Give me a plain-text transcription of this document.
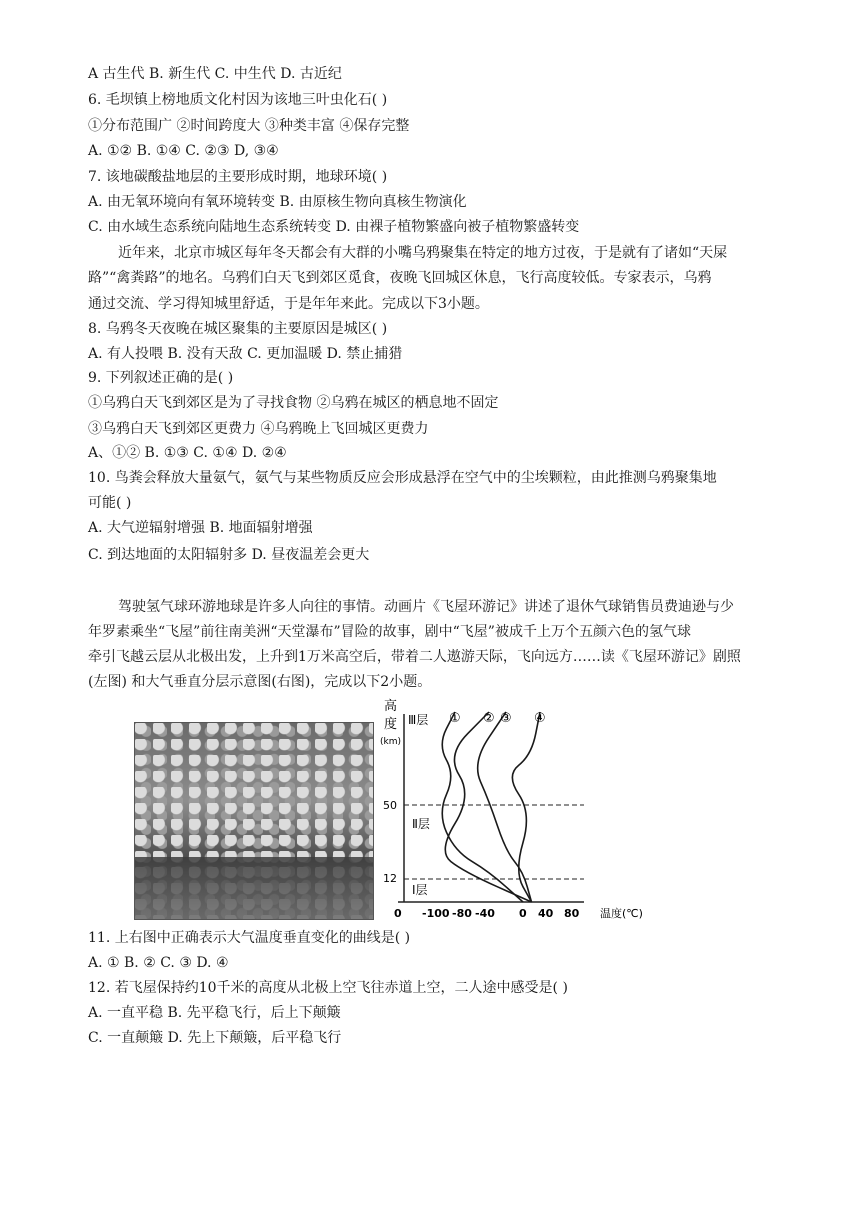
A 古生代 B. 新生代 C. 中生代 D. 古近纪
6. 毛坝镇上榜地质文化村因为该地三叶虫化石( )
①分布范围广 ②时间跨度大 ③种类丰富 ④保存完整
A. ①② B. ①④ C. ②③ D, ③④
7. 该地碳酸盐地层的主要形成时期，地球环境( )
A. 由无氧环境向有氧环境转变 B. 由原核生物向真核生物演化
C. 由水域生态系统向陆地生态系统转变 D. 由裸子植物繁盛向被子植物繁盛转变
近年来，北京市城区每年冬天都会有大群的小嘴乌鸦聚集在特定的地方过夜，于是就有了诸如“天屎
路”“禽粪路”的地名。乌鸦们白天飞到郊区觅食，夜晚飞回城区休息，飞行高度较低。专家表示，乌鸦
通过交流、学习得知城里舒适，于是年年来此。完成以下3小题。
8. 乌鸦冬天夜晚在城区聚集的主要原因是城区( )
A. 有人投喂 B. 没有天敌 C. 更加温暖 D. 禁止捕猎
9. 下列叙述正确的是( )
①乌鸦白天飞到郊区是为了寻找食物 ②乌鸦在城区的栖息地不固定
③乌鸦白天飞到郊区更费力 ④乌鸦晚上飞回城区更费力
A、①② B. ①③ C. ①④ D. ②④
10. 鸟粪会释放大量氨气，氨气与某些物质反应会形成悬浮在空气中的尘埃颗粒，由此推测乌鸦聚集地
可能( )
A. 大气逆辐射增强 B. 地面辐射增强
C. 到达地面的太阳辐射多 D. 昼夜温差会更大
驾驶氢气球环游地球是许多人向往的事情。动画片《飞屋环游记》讲述了退休气球销售员费迪逊与少
年罗素乘坐“飞屋”前往南美洲“天堂瀑布”冒险的故事，剧中“飞屋”被成千上万个五颜六色的氢气球
牵引飞越云层从北极出发，上升到1万米高空后，带着二人遨游天际，飞向远方……读《飞屋环游记》剧照
(左图) 和大气垂直分层示意图(右图)，完成以下2小题。
11. 上右图中正确表示大气温度垂直变化的曲线是( )
A. ① B. ② C. ③ D. ④
12. 若飞屋保持约10千米的高度从北极上空飞往赤道上空，二人途中感受是( )
A. 一直平稳 B. 先平稳飞行，后上下颠簸
C. 一直颠簸 D. 先上下颠簸，后平稳飞行
高
度
(km)
50
12
Ⅲ层
Ⅱ层
Ⅰ层
① ② ③ ④
0 -100 -80 -40 0 40 80 温度(℃)
